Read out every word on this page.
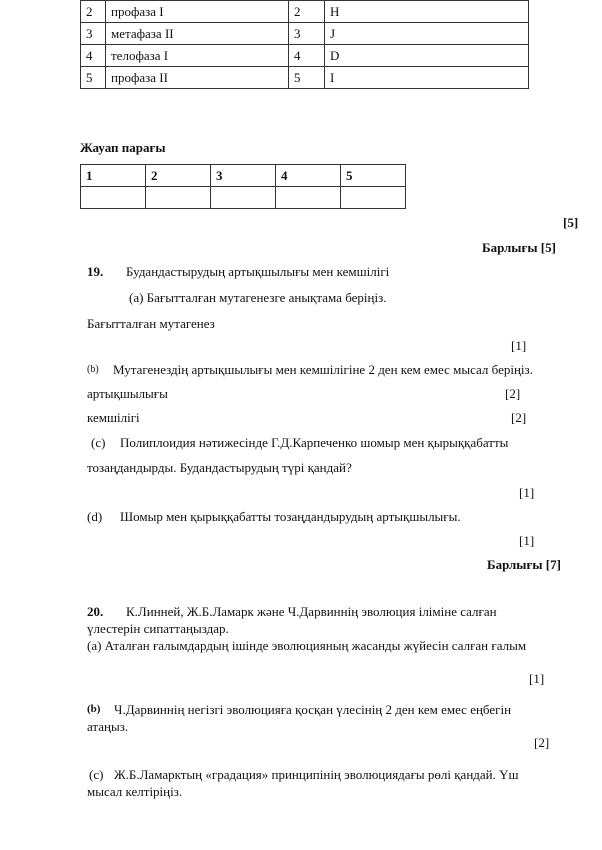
2	профаза I	2	H
3	метафаза II	3	J
4	телофаза I	4	D
5	профаза II	5	I
Жауап парағы
1	2	3	4	5

[5]
Барлығы [5]
19. Будандастырудың артықшылығы мен кемшілігі
(a) Бағытталған мутагенезге анықтама беріңіз.
Бағытталған мутагенез
[1]
(b) Мутагенездің артықшылығы мен кемшілігіне 2 ден кем емес мысал беріңіз.
артықшылығы	[2]
кемшілігі	[2]
(c) Полиплоидия нәтижесінде Г.Д.Карпеченко шомыр мен қырыққабатты
тозаңдандырды. Будандастырудың түрі қандай?
[1]
(d) Шомыр мен қырыққабатты тозаңдандырудың артықшылығы.
[1]
Барлығы [7]
20. К.Линней, Ж.Б.Ламарк және Ч.Дарвиннің эволюция іліміне салған
үлестерін сипаттаңыздар.
(a) Аталған ғалымдардың ішінде эволюцияның жасанды жүйесін салған ғалым
[1]
(b) Ч.Дарвиннің негізгі эволюцияға қосқан үлесінің 2 ден кем емес еңбегін
атаңыз.
[2]
(c) Ж.Б.Ламарктың «градация» принципінің эволюциядағы рөлі қандай. Үш
мысал келтіріңіз.
